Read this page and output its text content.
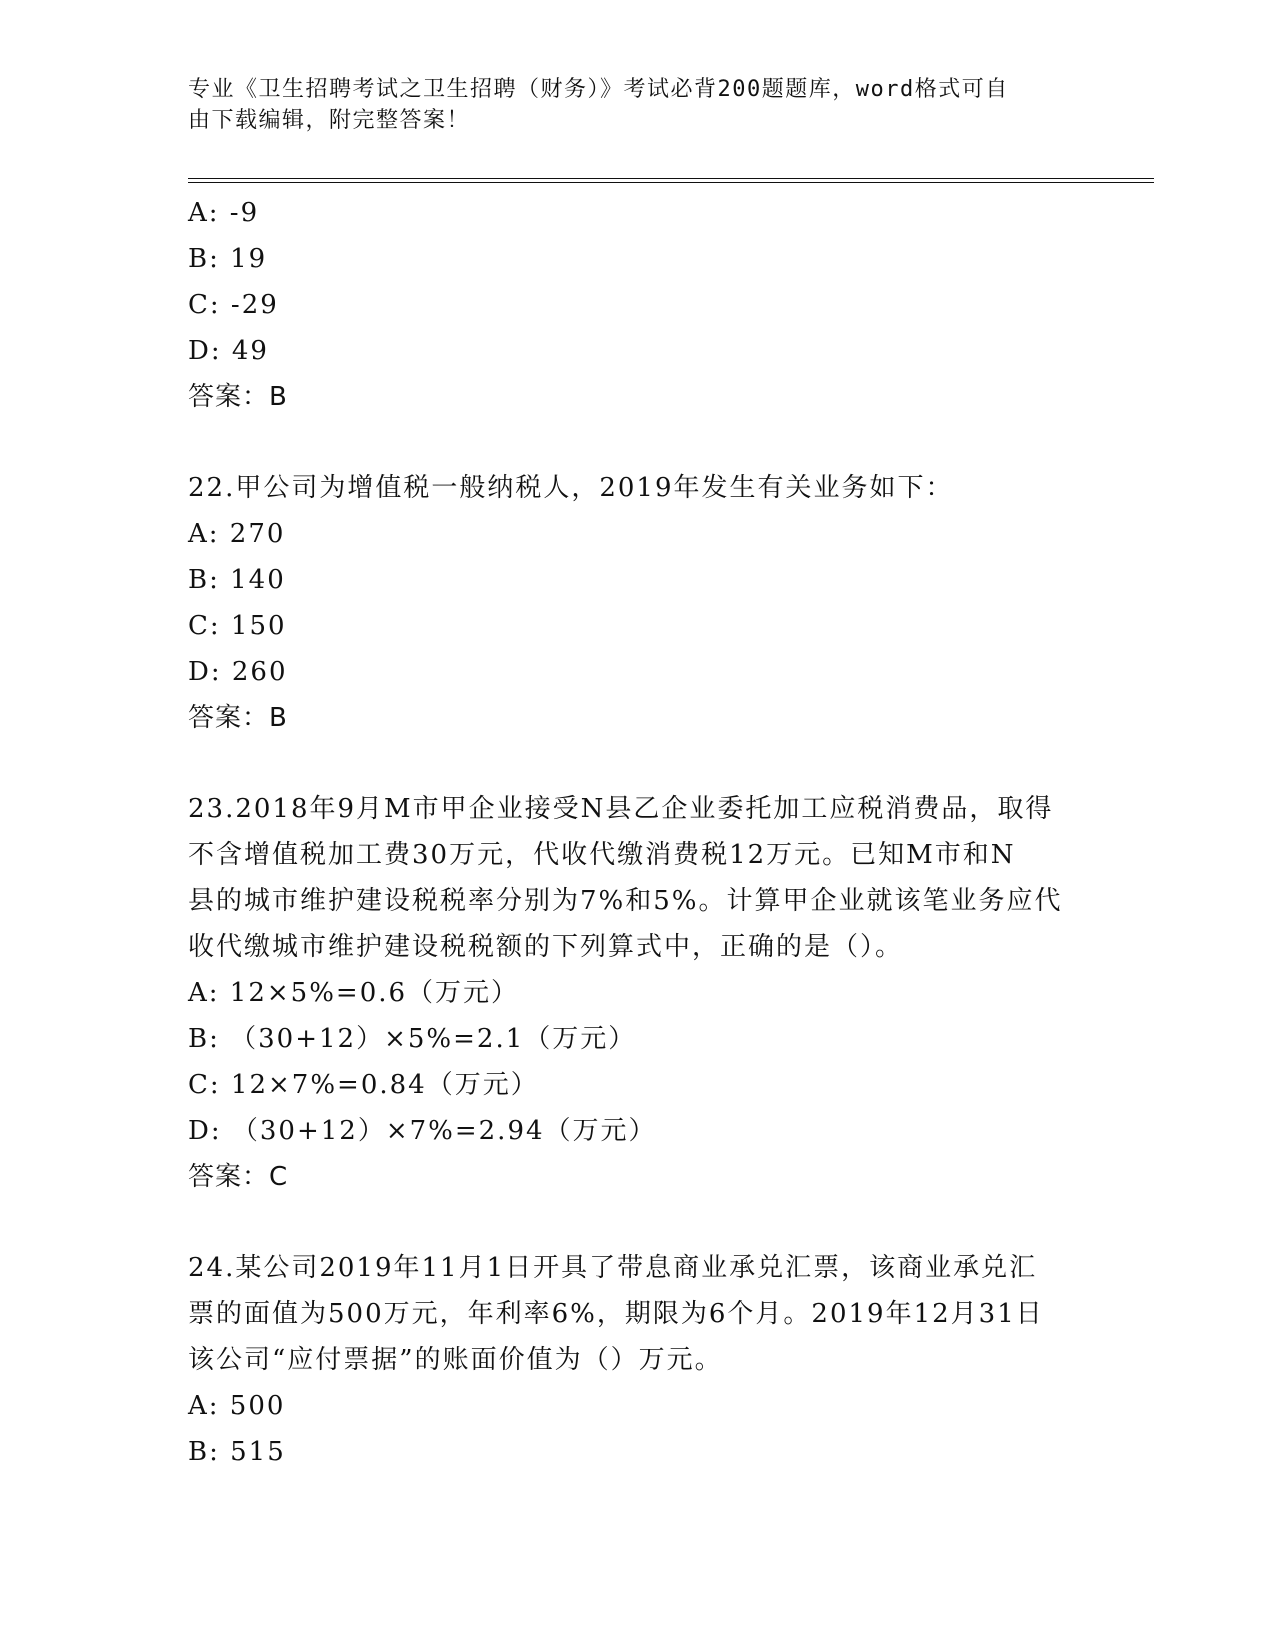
专业《卫生招聘考试之卫生招聘（财务）》考试必背200题题库，word格式可自
由下载编辑，附完整答案！
A: -9
B: 19
C: -29
D: 49
答案：B
22.甲公司为增值税一般纳税人，2019年发生有关业务如下：
A: 270
B: 140
C: 150
D: 260
答案：B
23.2018年9月M市甲企业接受N县乙企业委托加工应税消费品，取得
不含增值税加工费30万元，代收代缴消费税12万元。已知M市和N
县的城市维护建设税税率分别为7%和5%。计算甲企业就该笔业务应代
收代缴城市维护建设税税额的下列算式中，正确的是（）。
A: 12×5%=0.6（万元）
B: （30+12）×5%=2.1（万元）
C: 12×7%=0.84（万元）
D: （30+12）×7%=2.94（万元）
答案：C
24.某公司2019年11月1日开具了带息商业承兑汇票，该商业承兑汇
票的面值为500万元，年利率6%，期限为6个月。2019年12月31日
该公司“应付票据”的账面价值为（）万元。
A: 500
B: 515
